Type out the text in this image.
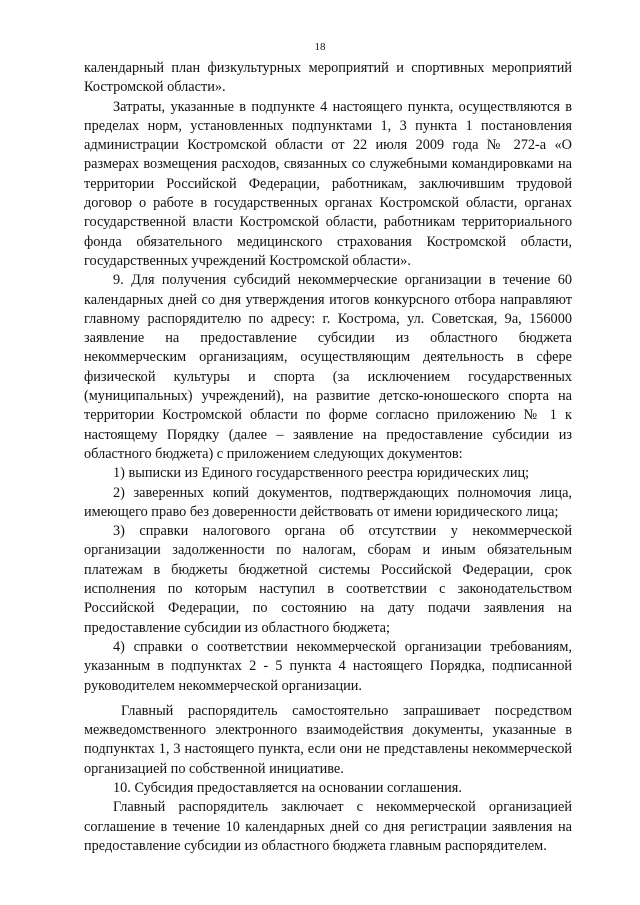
18

календарный план физкультурных мероприятий и спортивных мероприятий Костромской области».

Затраты, указанные в подпункте 4 настоящего пункта, осуществляются в пределах норм, установленных подпунктами 1, 3 пункта 1 постановления администрации Костромской области от 22 июля 2009 года № 272-а «О размерах возмещения расходов, связанных со служебными командировками на территории Российской Федерации, работникам, заключившим трудовой договор о работе в государственных органах Костромской области, органах государственной власти Костромской области, работникам территориального фонда обязательного медицинского страхования Костромской области, государственных учреждений Костромской области».

9. Для получения субсидий некоммерческие организации в течение 60 календарных дней со дня утверждения итогов конкурсного отбора направляют главному распорядителю по адресу: г. Кострома, ул. Советская, 9а, 156000 заявление на предоставление субсидии из областного бюджета некоммерческим организациям, осуществляющим деятельность в сфере физической культуры и спорта (за исключением государственных (муниципальных) учреждений), на развитие детско-юношеского спорта на территории Костромской области по форме согласно приложению № 1 к настоящему Порядку (далее – заявление на предоставление субсидии из областного бюджета) с приложением следующих документов:

1) выписки из Единого государственного реестра юридических лиц;

2) заверенных копий документов, подтверждающих полномочия лица, имеющего право без доверенности действовать от имени юридического лица;

3) справки налогового органа об отсутствии у некоммерческой организации задолженности по налогам, сборам и иным обязательным платежам в бюджеты бюджетной системы Российской Федерации, срок исполнения по которым наступил в соответствии с законодательством Российской Федерации, по состоянию на дату подачи заявления на предоставление субсидии из областного бюджета;

4) справки о соответствии некоммерческой организации требованиям, указанным в подпунктах 2 - 5 пункта 4 настоящего Порядка, подписанной руководителем некоммерческой организации.

Главный распорядитель самостоятельно запрашивает посредством межведомственного электронного взаимодействия документы, указанные в подпунктах 1, 3 настоящего пункта, если они не представлены некоммерческой организацией по собственной инициативе.

10. Субсидия предоставляется на основании соглашения.

Главный распорядитель заключает с некоммерческой организацией соглашение в течение 10 календарных дней со дня регистрации заявления на предоставление субсидии из областного бюджета главным распорядителем.
